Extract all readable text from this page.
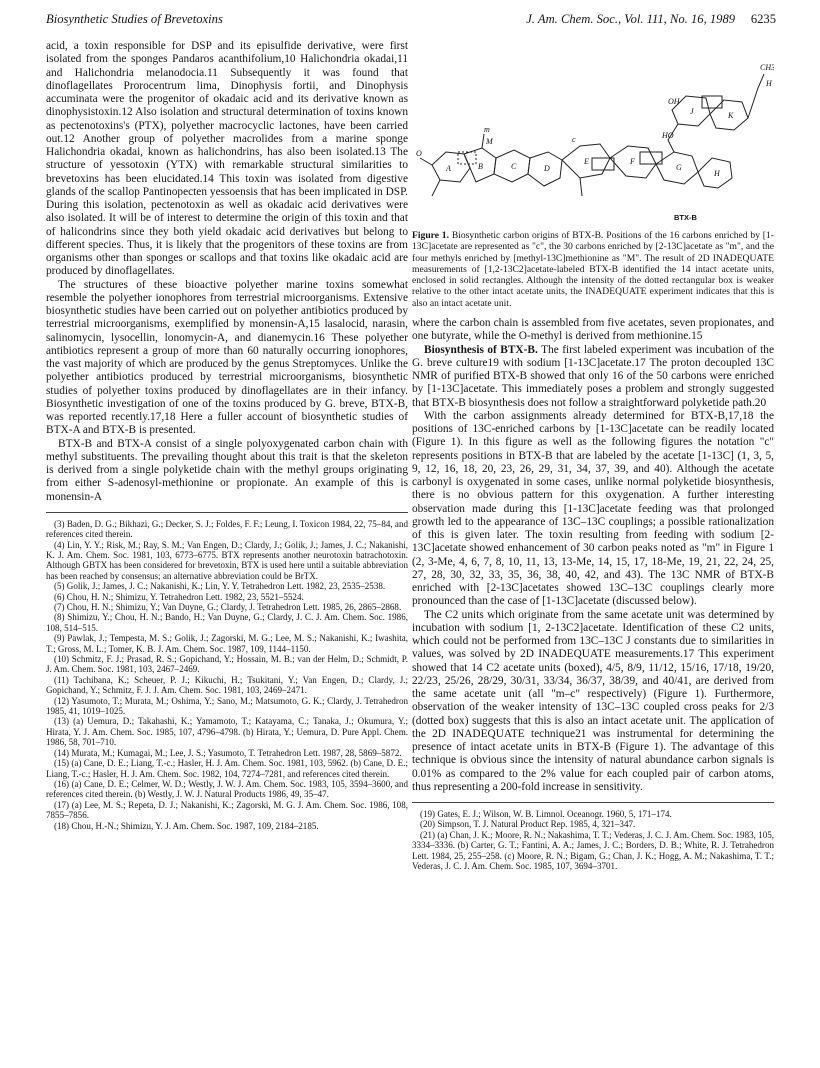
Biosynthetic Studies of Brevetoxins	J. Am. Chem. Soc., Vol. 111, No. 16, 1989 6235

acid, a toxin responsible for DSP and its episulfide derivative, were first isolated from the sponges Pandaros acanthifolium,10 Halichondria okadai,11 and Halichondria melanodocia.11 Subsequently it was found that dinoflagellates Prorocentrum lima, Dinophysis fortii, and Dinophysis accuminata were the progenitor of okadaic acid and its derivative known as dinophysistoxin.12 Also isolation and structural determination of toxins known as pectenotoxins's (PTX), polyether macrocyclic lactones, have been carried out.12 Another group of polyether macrolides from a marine sponge Halichondria okadai, known as halichondrins, has also been isolated.13 The structure of yessotoxin (YTX) with remarkable structural similarities to brevetoxins has been elucidated.14 This toxin was isolated from digestive glands of the scallop Pantinopecten yessoensis that has been implicated in DSP. During this isolation, pectenotoxin as well as okadaic acid derivatives were also isolated. It will be of interest to determine the origin of this toxin and that of halicondrins since they both yield okadaic acid derivatives but belong to different species. Thus, it is likely that the progenitors of these toxins are from organisms other than sponges or scallops and that toxins like okadaic acid are produced by dinoflagellates.

The structures of these bioactive polyether marine toxins somewhat resemble the polyether ionophores from terrestrial microorganisms. Extensive biosynthetic studies have been carried out on polyether antibiotics produced by terrestrial microorganisms, exemplified by monensin-A,15 lasalocid, narasin, salinomycin, lysocellin, lonomycin-A, and dianemycin.16 These polyether antibiotics represent a group of more than 60 naturally occurring ionophores, the vast majority of which are produced by the genus Streptomyces. Unlike the polyether antibiotics produced by terrestrial microorganisms, biosynthetic studies of polyether toxins produced by dinoflagellates are in their infancy. Biosynthetic investigation of one of the toxins produced by G. breve, BTX-B, was reported recently.17,18 Here a fuller account of biosynthetic studies of BTX-A and BTX-B is presented.

BTX-B and BTX-A consist of a single polyoxygenated carbon chain with methyl substituents. The prevailing thought about this trait is that the skeleton is derived from a single polyketide chain with the methyl groups originating from either S-adenosyl-methionine or propionate. An example of this is monensin-A

(3) Baden, D. G.; Bikhazi, G.; Decker, S. J.; Foldes, F. F.; Leung, I. Toxicon 1984, 22, 75–84, and references cited therein.

(4) Lin, Y. Y.; Risk, M.; Ray, S. M.; Van Engen, D.; Clardy, J.; Golik, J.; James, J. C.; Nakanishi, K. J. Am. Chem. Soc. 1981, 103, 6773–6775. BTX represents another neurotoxin batrachotoxin. Although GBTX has been considered for brevetoxin, BTX is used here until a suitable abbreviation has been reached by consensus; an alternative abbreviation could be BrTX.

(5) Golik, J.; James, J. C.; Nakanishi, K.; Lin, Y. Y. Tetrahedron Lett. 1982, 23, 2535–2538.

(6) Chou, H. N.; Shimizu, Y. Tetrahedron Lett. 1982, 23, 5521–5524.

(7) Chou, H. N.; Shimizu, Y.; Van Duyne, G.; Clardy, J. Tetrahedron Lett. 1985, 26, 2865–2868.

(8) Shimizu, Y.; Chou, H. N.; Bando, H.; Van Duyne, G.; Clardy, J. C. J. Am. Chem. Soc. 1986, 108, 514–515.

(9) Pawlak, J.; Tempesta, M. S.; Golik, J.; Zagorski, M. G.; Lee, M. S.; Nakanishi, K.; Iwashita, T.; Gross, M. L.; Tomer, K. B. J. Am. Chem. Soc. 1987, 109, 1144–1150.

(10) Schmitz, F. J.; Prasad, R. S.; Gopichand, Y.; Hossain, M. B.; van der Helm, D.; Schmidt, P. J. Am. Chem. Soc. 1981, 103, 2467–2469.

(11) Tachibana, K.; Scheuer, P. J.; Kikuchi, H.; Tsukitani, Y.; Van Engen, D.; Clardy, J.; Gopichand, Y.; Schmitz, F. J. J. Am. Chem. Soc. 1981, 103, 2469–2471.

(12) Yasumoto, T.; Murata, M.; Oshima, Y.; Sano, M.; Matsumoto, G. K.; Clardy, J. Tetrahedron 1985, 41, 1019–1025.

(13) (a) Uemura, D.; Takahashi, K.; Yamamoto, T.; Katayama, C.; Tanaka, J.; Okumura, Y.; Hirata, Y. J. Am. Chem. Soc. 1985, 107, 4796–4798. (b) Hirata, Y.; Uemura, D. Pure Appl. Chem. 1986, 58, 701–710.

(14) Murata, M.; Kumagai, M.; Lee, J. S.; Yasumoto, T. Tetrahedron Lett. 1987, 28, 5869–5872.

(15) (a) Cane, D. E.; Liang, T.-c.; Hasler, H. J. Am. Chem. Soc. 1981, 103, 5962. (b) Cane, D. E.; Liang, T.-c.; Hasler, H. J. Am. Chem. Soc. 1982, 104, 7274–7281, and references cited therein.

(16) (a) Cane, D. E.; Celmer, W. D.; Westly, J. W. J. Am. Chem. Soc. 1983, 105, 3594–3600, and references cited therein. (b) Westly, J. W. J. Natural Products 1986, 49, 35–47.

(17) (a) Lee, M. S.; Repeta, D. J.; Nakanishi, K.; Zagorski, M. G. J. Am. Chem. Soc. 1986, 108, 7855–7856.

(18) Chou, H.-N.; Shimizu, Y. J. Am. Chem. Soc. 1987, 109, 2184–2185.

A	B	C	D
E	F
G
H
K
J
m
M	c
CH3
H
OH
O
HO
BTX-B
Figure 1. Biosynthetic carbon origins of BTX-B. Positions of the 16 carbons enriched by [1-13C]acetate are represented as "c", the 30 carbons enriched by [2-13C]acetate as "m", and the four methyls enriched by [methyl-13C]methionine as "M". The result of 2D INADEQUATE measurements of [1,2-13C2]acetate-labeled BTX-B identified the 14 intact acetate units, enclosed in solid rectangles. Although the intensity of the dotted rectangular box is weaker relative to the other intact acetate units, the INADEQUATE experiment indicates that this is also an intact acetate unit.

where the carbon chain is assembled from five acetates, seven propionates, and one butyrate, while the O-methyl is derived from methionine.15

Biosynthesis of BTX-B. The first labeled experiment was incubation of the G. breve culture19 with sodium [1-13C]acetate.17 The proton decoupled 13C NMR of purified BTX-B showed that only 16 of the 50 carbons were enriched by [1-13C]acetate. This immediately poses a problem and strongly suggested that BTX-B biosynthesis does not follow a straightforward polyketide path.20

With the carbon assignments already determined for BTX-B,17,18 the positions of 13C-enriched carbons by [1-13C]acetate can be readily located (Figure 1). In this figure as well as the following figures the notation "c" represents positions in BTX-B that are labeled by the acetate [1-13C] (1, 3, 5, 9, 12, 16, 18, 20, 23, 26, 29, 31, 34, 37, 39, and 40). Although the acetate carbonyl is oxygenated in some cases, unlike normal polyketide biosynthesis, there is no obvious pattern for this oxygenation. A further interesting observation made during this [1-13C]acetate feeding was that prolonged growth led to the appearance of 13C–13C couplings; a possible rationalization of this is given later. The toxin resulting from feeding with sodium [2-13C]acetate showed enhancement of 30 carbon peaks noted as "m" in Figure 1 (2, 3-Me, 4, 6, 7, 8, 10, 11, 13, 13-Me, 14, 15, 17, 18-Me, 19, 21, 22, 24, 25, 27, 28, 30, 32, 33, 35, 36, 38, 40, 42, and 43). The 13C NMR of BTX-B enriched with [2-13C]acetates showed 13C–13C couplings clearly more pronounced than the case of [1-13C]acetate (discussed below).

The C2 units which originate from the same acetate unit was determined by incubation with sodium [1, 2-13C2]acetate. Identification of these C2 units, which could not be performed from 13C–13C J constants due to similarities in values, was solved by 2D INADEQUATE measurements.17 This experiment showed that 14 C2 acetate units (boxed), 4/5, 8/9, 11/12, 15/16, 17/18, 19/20, 22/23, 25/26, 28/29, 30/31, 33/34, 36/37, 38/39, and 40/41, are derived from the same acetate unit (all "m–c" respectively) (Figure 1). Furthermore, observation of the weaker intensity of 13C–13C coupled cross peaks for 2/3 (dotted box) suggests that this is also an intact acetate unit. The application of the 2D INADEQUATE technique21 was instrumental for determining the presence of intact acetate units in BTX-B (Figure 1). The advantage of this technique is obvious since the intensity of natural abundance carbon signals is 0.01% as compared to the 2% value for each coupled pair of carbon atoms, thus representing a 200-fold increase in sensitivity.

(19) Gates, E. J.; Wilson, W. B. Limnol. Oceanogr. 1960, 5, 171–174.

(20) Simpson, T. J. Natural Product Rep. 1985, 4, 321–347.

(21) (a) Chan, J. K.; Moore, R. N.; Nakashima, T. T.; Vederas, J. C. J. Am. Chem. Soc. 1983, 105, 3334–3336. (b) Carter, G. T.; Fantini, A. A.; James, J. C.; Borders, D. B.; White, R. J. Tetrahedron Lett. 1984, 25, 255–258. (c) Moore, R. N.; Bigam, G.; Chan, J. K.; Hogg, A. M.; Nakashima, T. T.; Vederas, J. C. J. Am. Chem. Soc. 1985, 107, 3694–3701.
